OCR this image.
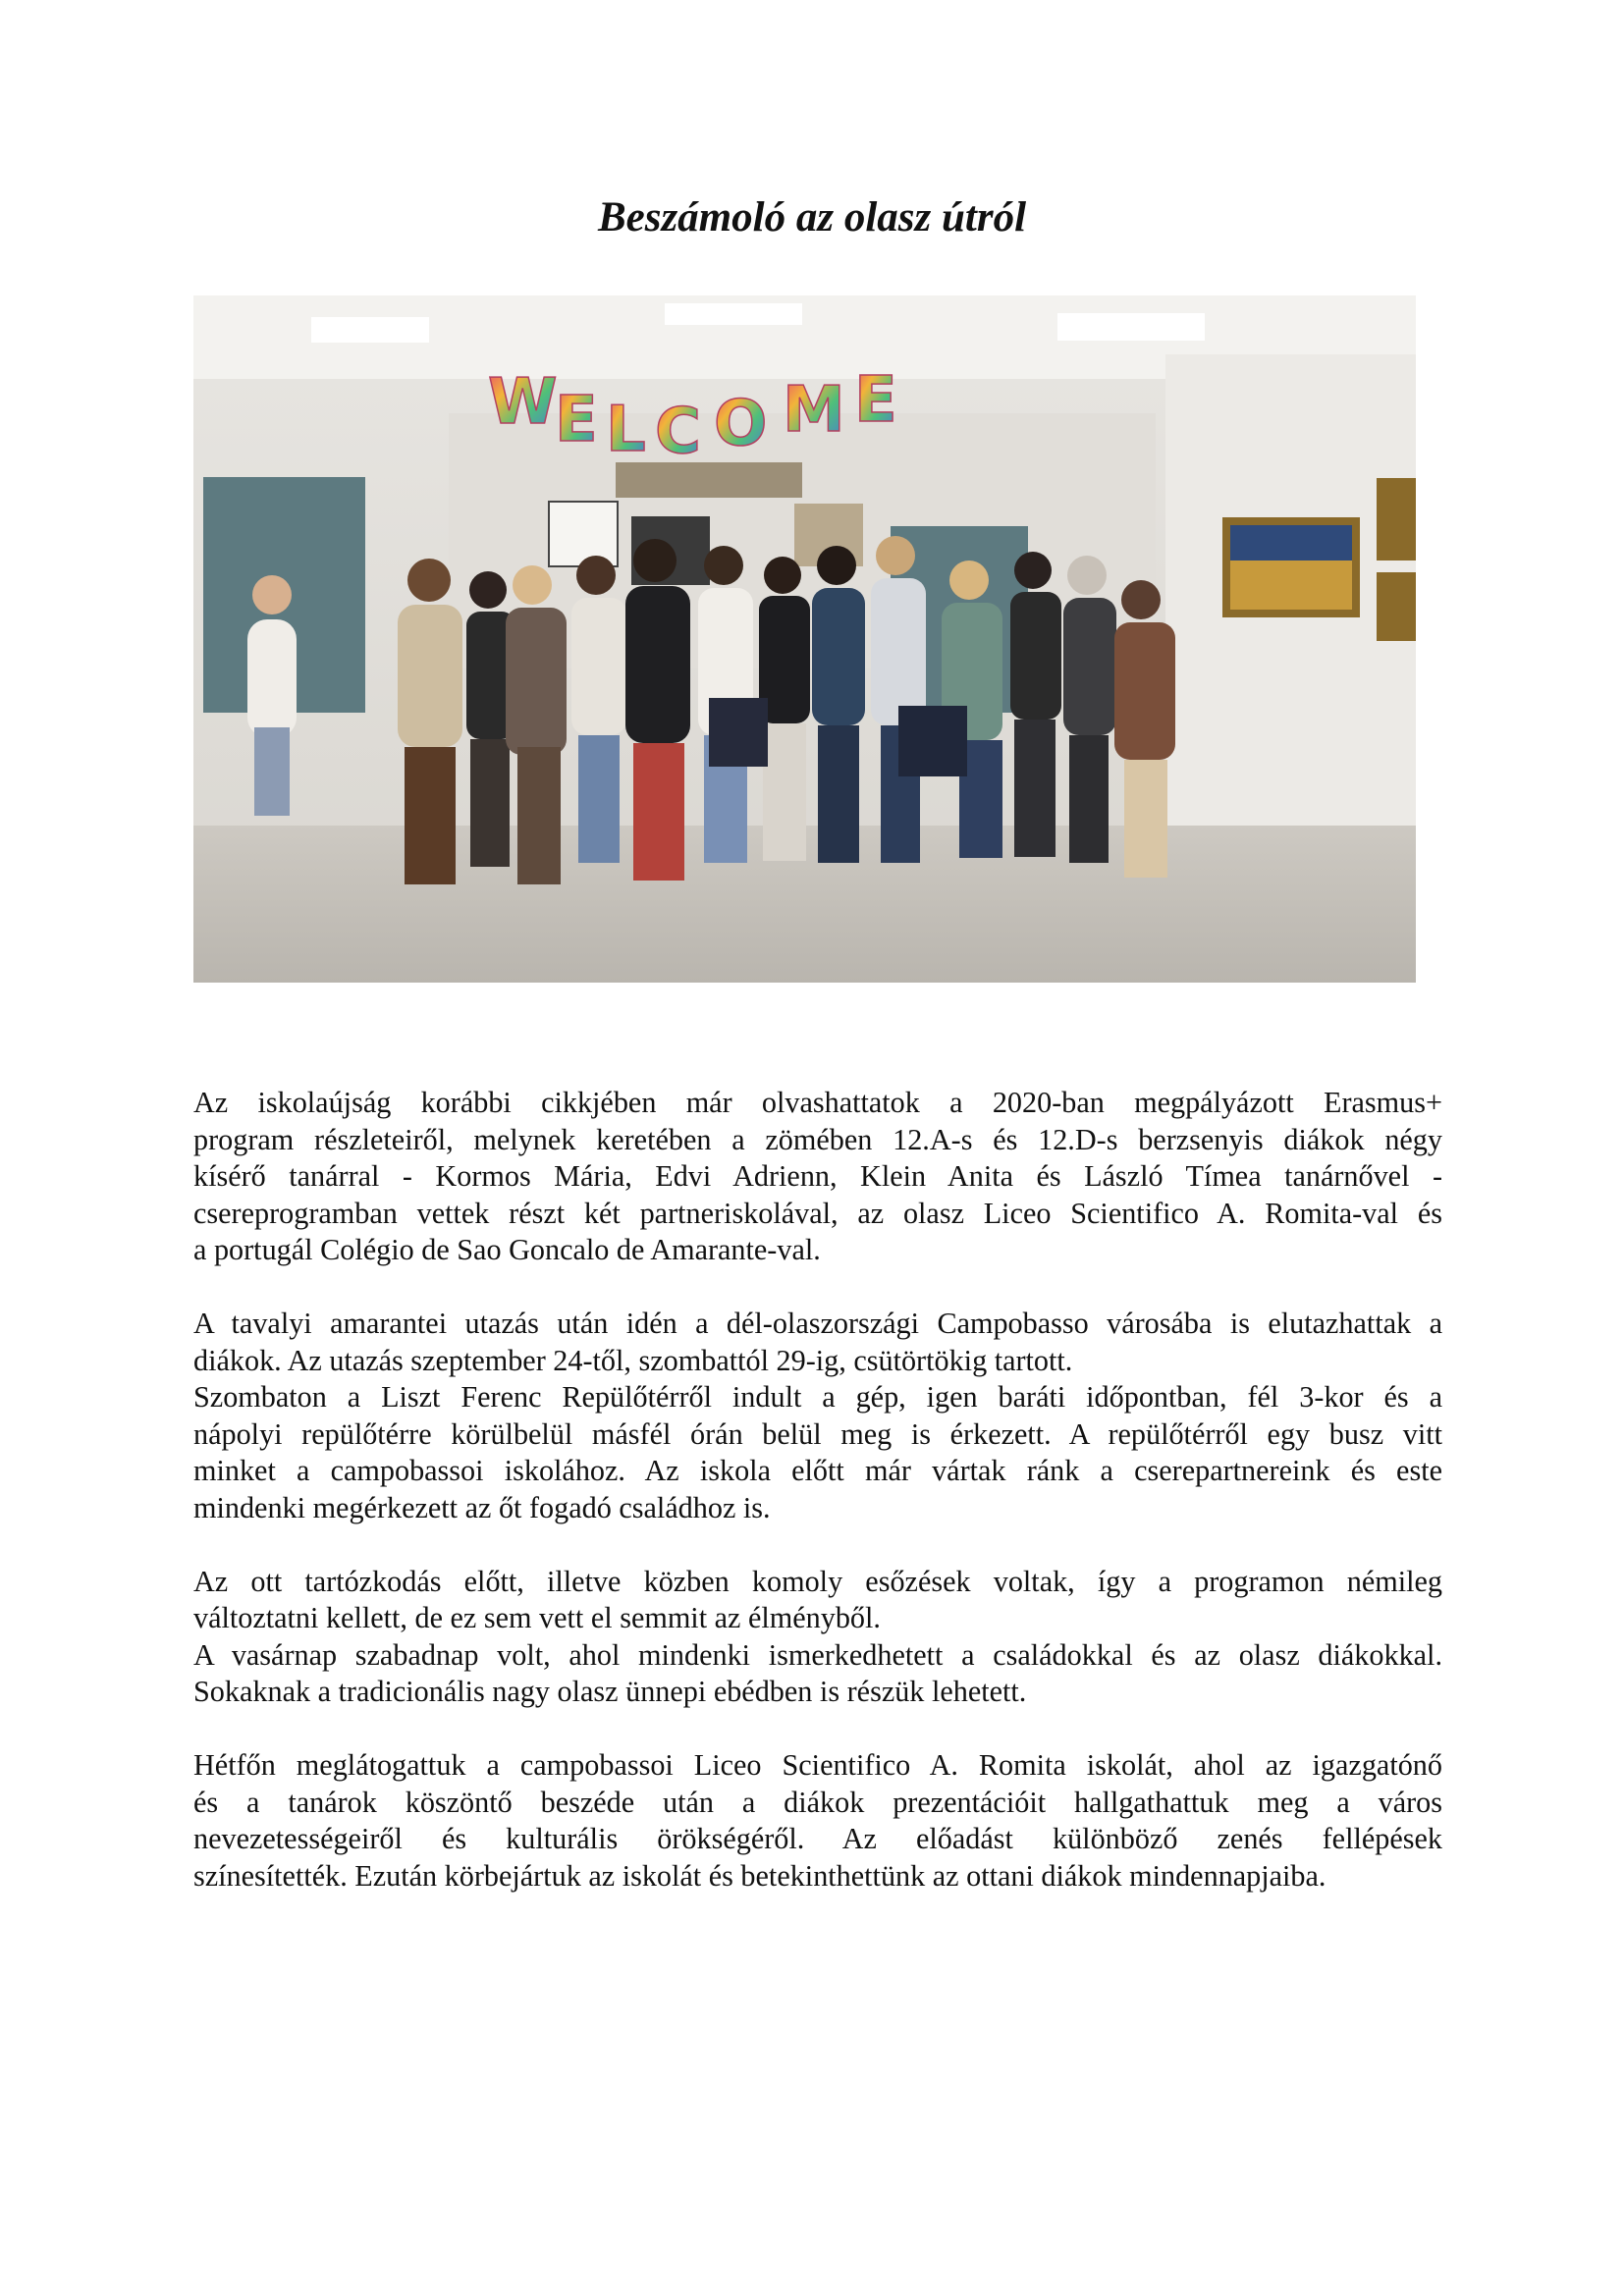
Beszámoló az olasz útról
W
E L C O M E

Az iskolaújság korábbi cikkjében már olvashattatok a 2020-ban megpályázott Erasmus+
program részleteiről, melynek keretében a zömében 12.A-s és 12.D-s berzsenyis diákok négy
kísérő tanárral - Kormos Mária, Edvi Adrienn, Klein Anita és László Tímea tanárnővel -
csereprogramban vettek részt két partneriskolával, az olasz Liceo Scientifico A. Romita-val és
a portugál Colégio de Sao Goncalo de Amarante-val.

A tavalyi amarantei utazás után idén a dél-olaszországi Campobasso városába is elutazhattak a
diákok. Az utazás szeptember 24-től, szombattól 29-ig, csütörtökig tartott.
Szombaton a Liszt Ferenc Repülőtérről indult a gép, igen baráti időpontban, fél 3-kor és a
nápolyi repülőtérre körülbelül másfél órán belül meg is érkezett. A repülőtérről egy busz vitt
minket a campobassoi iskolához. Az iskola előtt már vártak ránk a cserepartnereink és este
mindenki megérkezett az őt fogadó családhoz is.

Az ott tartózkodás előtt, illetve közben komoly esőzések voltak, így a programon némileg
változtatni kellett, de ez sem vett el semmit az élményből.
A vasárnap szabadnap volt, ahol mindenki ismerkedhetett a családokkal és az olasz diákokkal.
Sokaknak a tradicionális nagy olasz ünnepi ebédben is részük lehetett.

Hétfőn meglátogattuk a campobassoi Liceo Scientifico A. Romita iskolát, ahol az igazgatónő
és a tanárok köszöntő beszéde után a diákok prezentációit hallgathattuk meg a város
nevezetességeiről és kulturális örökségéről. Az előadást különböző zenés fellépések
színesítették. Ezután körbejártuk az iskolát és betekinthettünk az ottani diákok mindennapjaiba.
